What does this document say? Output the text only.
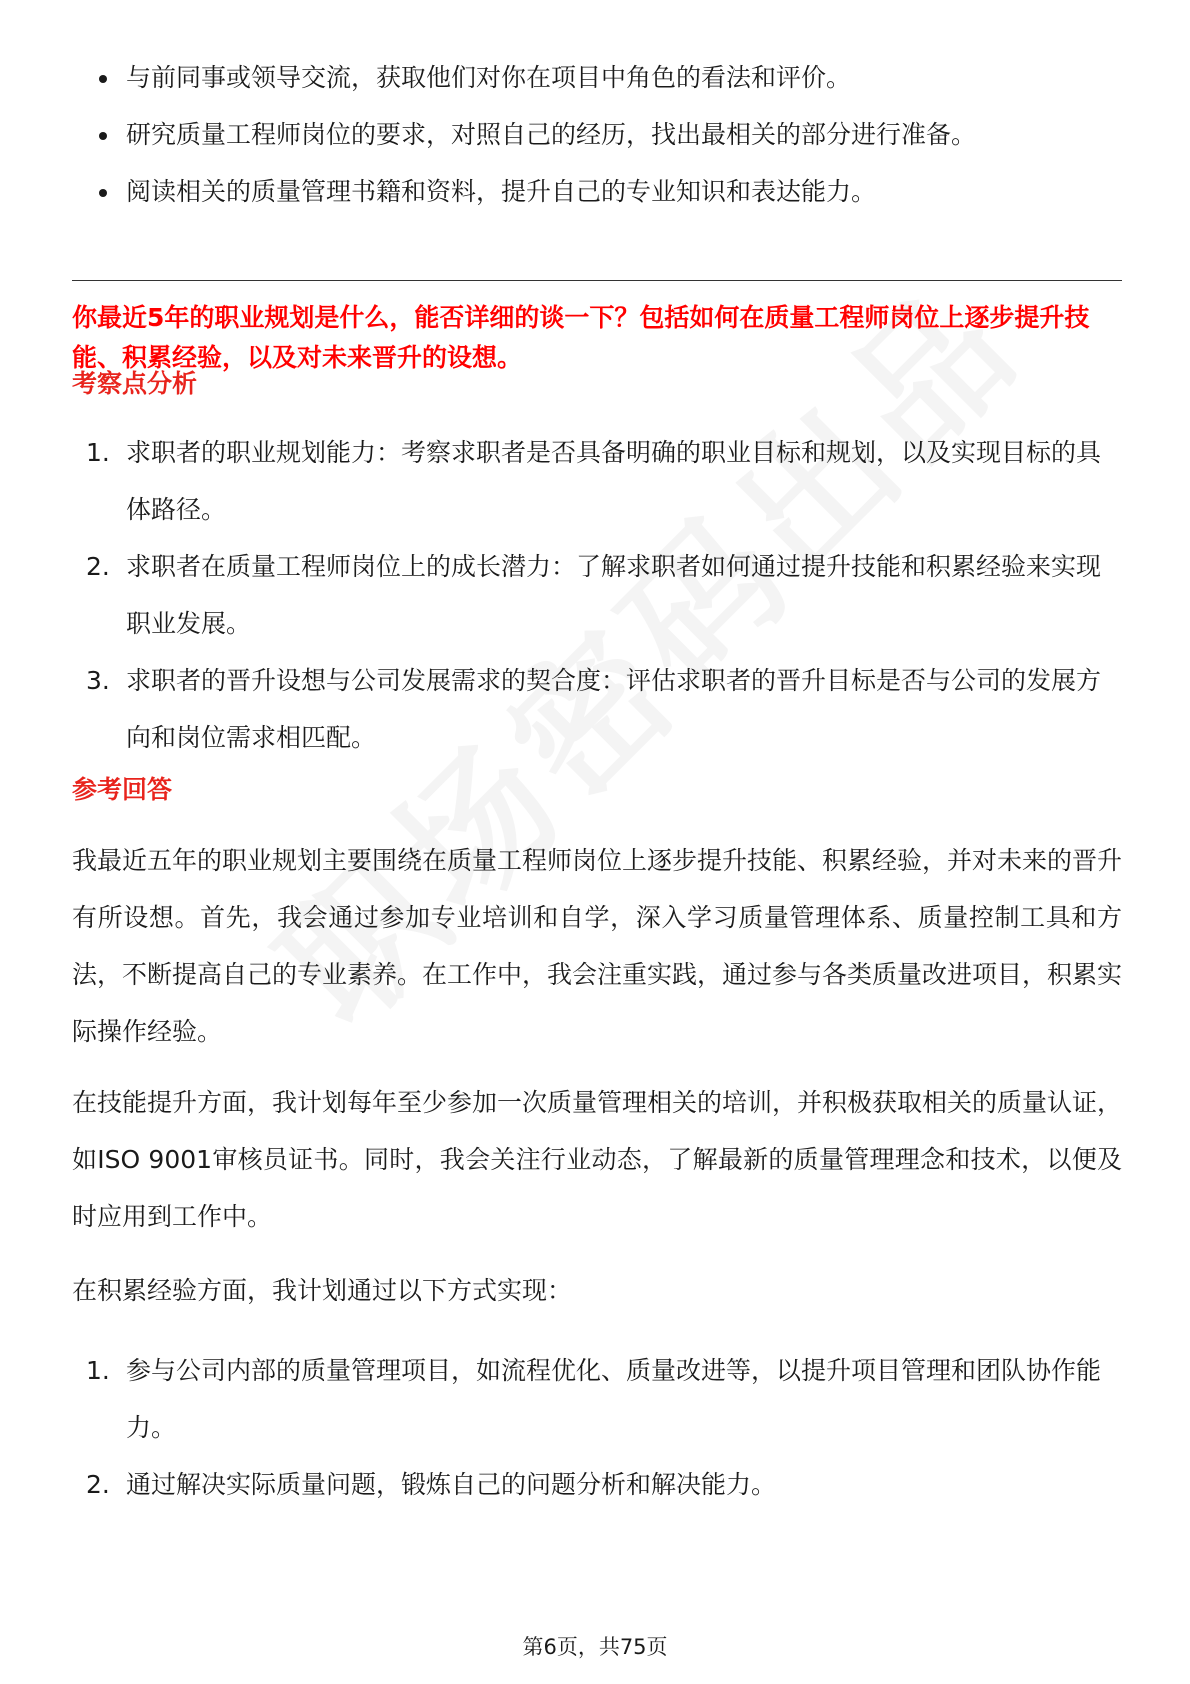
与前同事或领导交流，获取他们对你在项目中角色的看法和评价。
研究质量工程师岗位的要求，对照自己的经历，找出最相关的部分进行准备。
阅读相关的质量管理书籍和资料，提升自己的专业知识和表达能力。

你最近5年的职业规划是什么，能否详细的谈一下？包括如何在质量工程师岗位上逐步提升技能、积累经验，以及对未来晋升的设想。

考察点分析
1. 求职者的职业规划能力：考察求职者是否具备明确的职业目标和规划，以及实现目标的具体路径。
2. 求职者在质量工程师岗位上的成长潜力：了解求职者如何通过提升技能和积累经验来实现职业发展。
3. 求职者的晋升设想与公司发展需求的契合度：评估求职者的晋升目标是否与公司的发展方向和岗位需求相匹配。
参考回答

我最近五年的职业规划主要围绕在质量工程师岗位上逐步提升技能、积累经验，并对未来的晋升有所设想。首先，我会通过参加专业培训和自学，深入学习质量管理体系、质量控制工具和方法，不断提高自己的专业素养。在工作中，我会注重实践，通过参与各类质量改进项目，积累实际操作经验。

在技能提升方面，我计划每年至少参加一次质量管理相关的培训，并积极获取相关的质量认证，如ISO 9001审核员证书。同时，我会关注行业动态，了解最新的质量管理理念和技术，以便及时应用到工作中。

在积累经验方面，我计划通过以下方式实现：

1. 参与公司内部的质量管理项目，如流程优化、质量改进等，以提升项目管理和团队协作能力。
2. 通过解决实际质量问题，锻炼自己的问题分析和解决能力。
第6页，共75页
